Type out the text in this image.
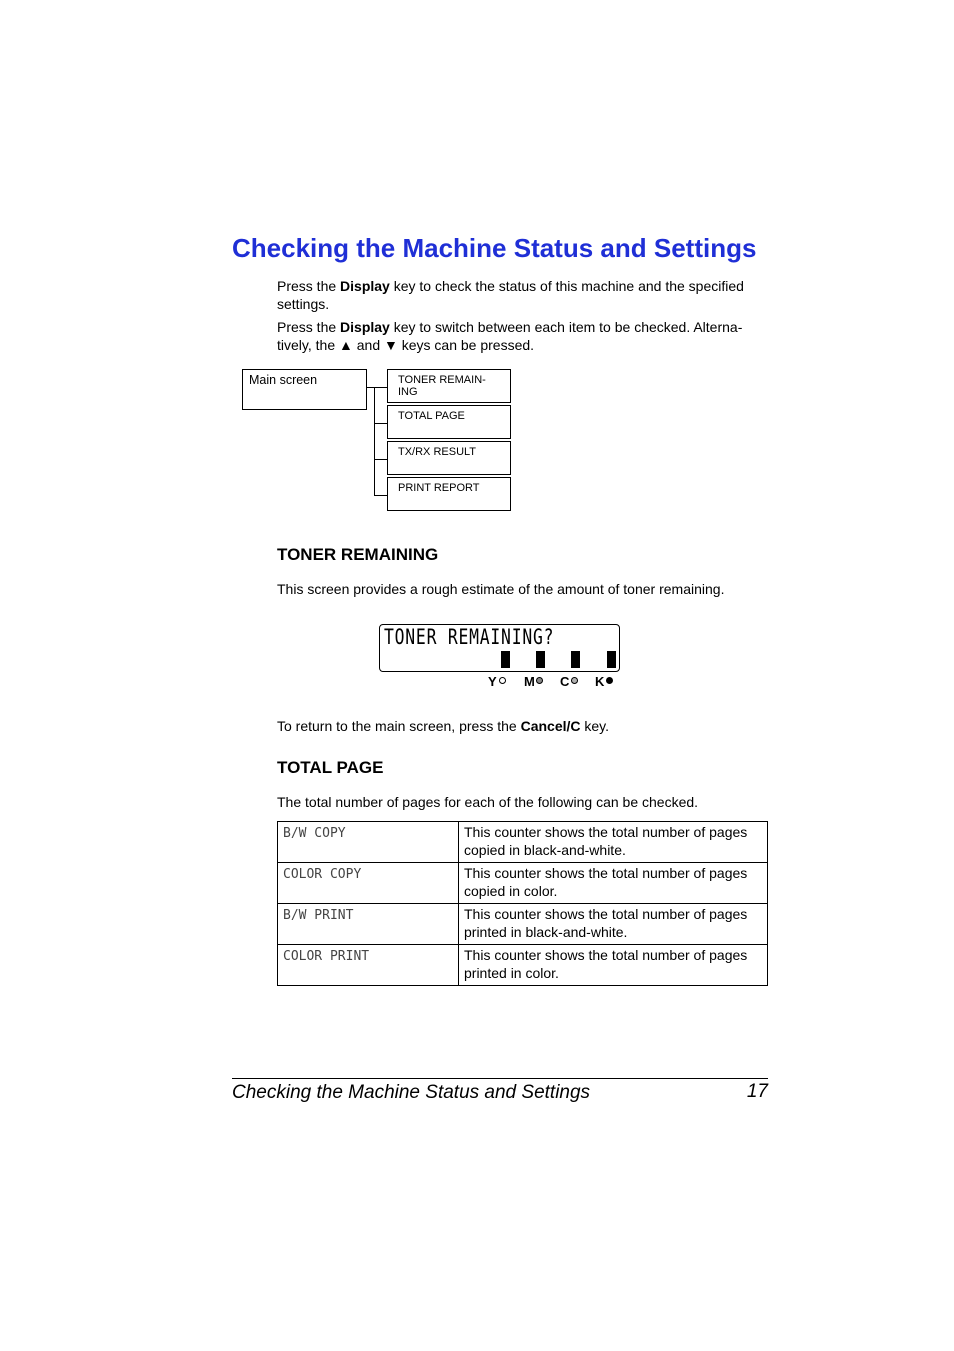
Checking the Machine Status and Settings

Press the Display key to check the status of this machine and the specified settings.

Press the Display key to switch between each item to be checked. Alterna-tively, the ▲ and ▼ keys can be pressed.

Main screen	TONER REMAIN-ING
TOTAL PAGE
TX/RX RESULT
PRINT REPORT
TONER REMAINING

This screen provides a rough estimate of the amount of toner remaining.

TONER REMAINING?
Y M C K

To return to the main screen, press the Cancel/C key.

TOTAL PAGE

The total number of pages for each of the following can be checked.

B/W COPY	This counter shows the total number of pages copied in black-and-white.
COLOR COPY	This counter shows the total number of pages copied in color.
B/W PRINT	This counter shows the total number of pages printed in black-and-white.
COLOR PRINT	This counter shows the total number of pages printed in color.
Checking the Machine Status and Settings	17
